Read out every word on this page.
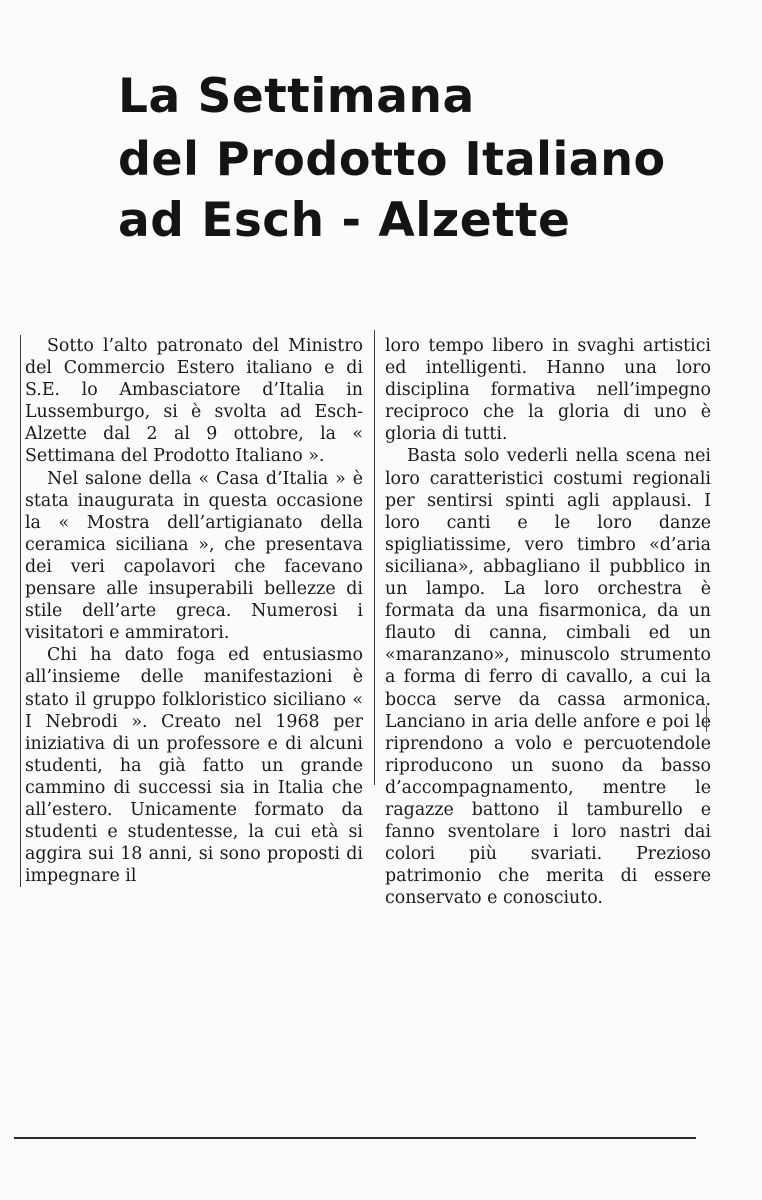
La Settimana
del Prodotto Italiano
ad Esch - Alzette

Sotto l’alto patronato del Ministro del Commercio Estero italiano e di S.E. lo Ambasciatore d’Italia in Lussemburgo, si è svolta ad Esch-Alzette dal 2 al 9 ottobre, la « Settimana del Prodotto Italiano ».

Nel salone della « Casa d’Italia » è stata inaugurata in questa occasione la « Mostra dell’artigianato della ceramica siciliana », che presentava dei veri capolavori che facevano pensare alle insuperabili bellezze di stile dell’arte greca. Numerosi i visitatori e ammiratori.

Chi ha dato foga ed entusiasmo all’insieme delle manifestazioni è stato il gruppo folkloristico siciliano « I Nebrodi ». Creato nel 1968 per iniziativa di un professore e di alcuni studenti, ha già fatto un grande cammino di successi sia in Italia che all’estero. Unicamente formato da studenti e studentesse, la cui età si aggira sui 18 anni, si sono proposti di impegnare il

loro tempo libero in svaghi artistici ed intelligenti. Hanno una loro disciplina formativa nell’impegno reciproco che la gloria di uno è gloria di tutti.

Basta solo vederli nella scena nei loro caratteristici costumi regionali per sentirsi spinti agli applausi. I loro canti e le loro danze spigliatissime, vero timbro «d’aria siciliana», abbagliano il pubblico in un lampo. La loro orchestra è formata da una fisarmonica, da un flauto di canna, cimbali ed un «maranzano», minuscolo strumento a forma di ferro di cavallo, a cui la bocca serve da cassa armonica. Lanciano in aria delle anfore e poi le riprendono a volo e percuotendole riproducono un suono da basso d’accompagnamento, mentre le ragazze battono il tamburello e fanno sventolare i loro nastri dai colori più svariati. Prezioso patrimonio che merita di essere conservato e conosciuto.
